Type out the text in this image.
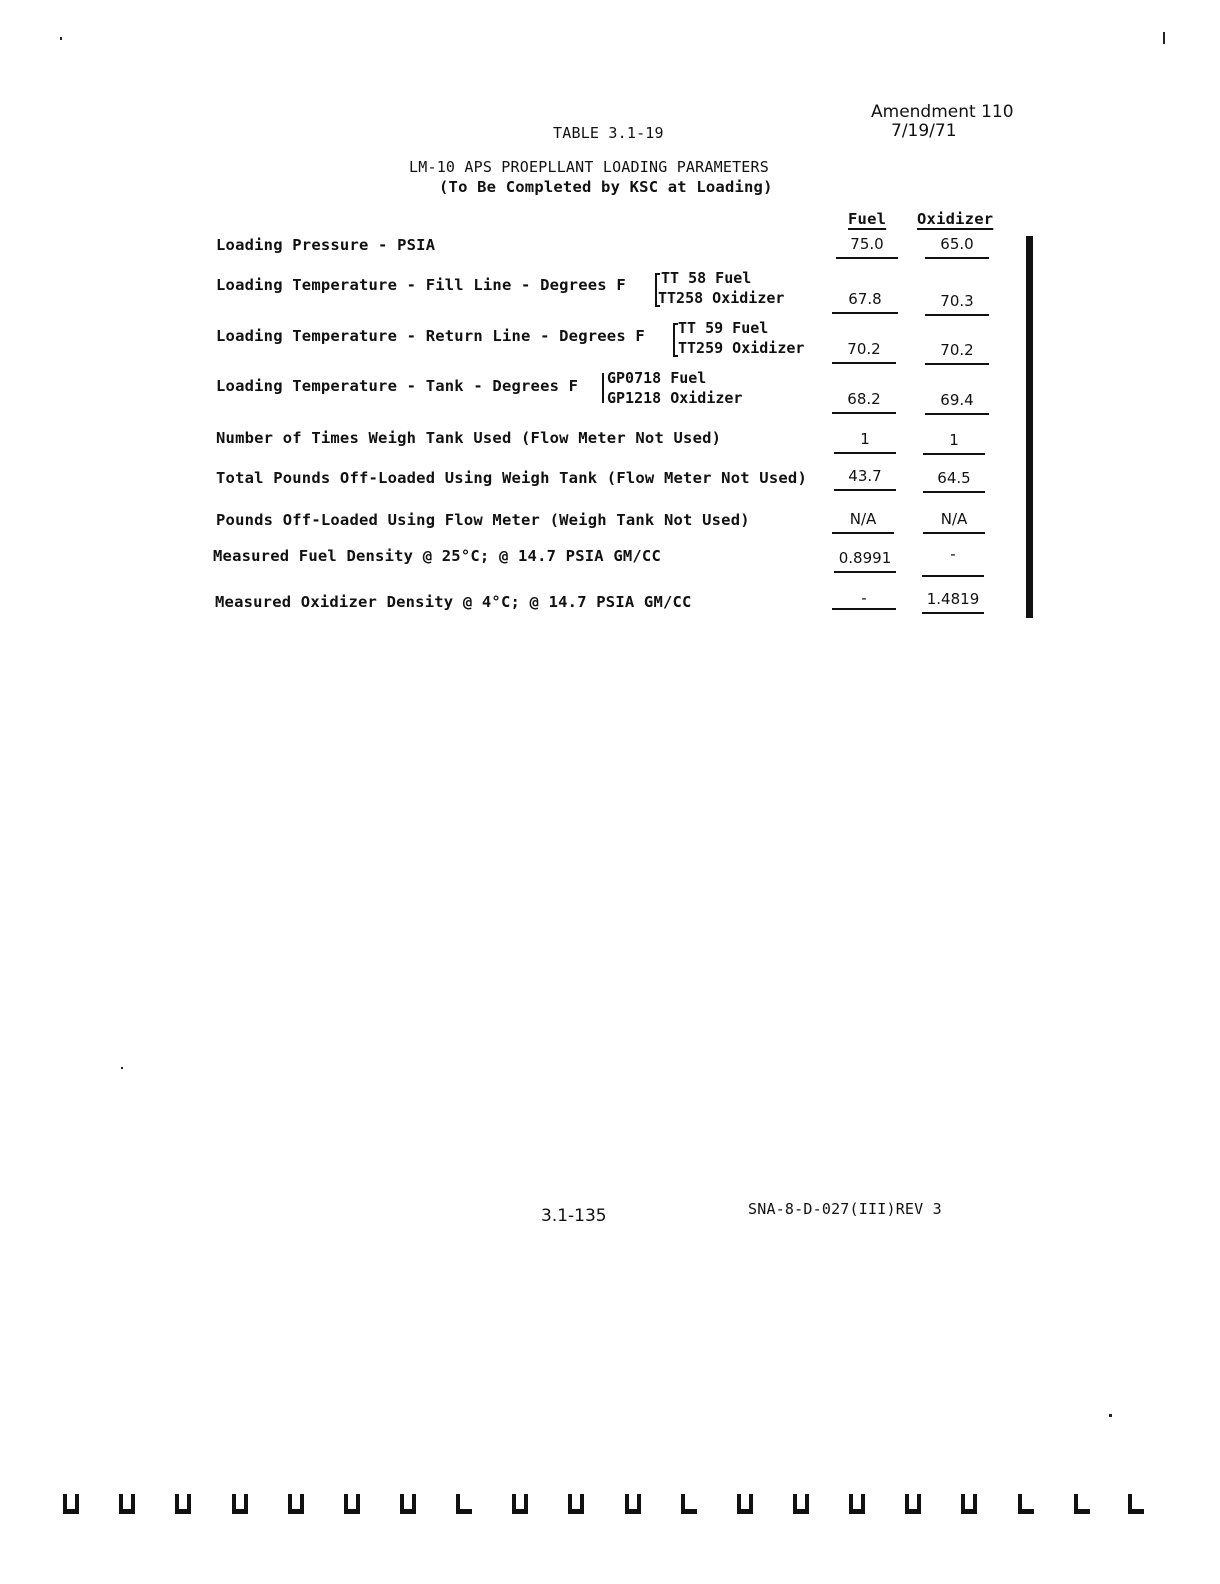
Amendment 110
7/19/71
TABLE 3.1-19
LM-10 APS PROEPLLANT LOADING PARAMETERS
(To Be Completed by KSC at Loading)
Fuel Oxidizer
Loading Pressure - PSIA	75.0	65.0
Loading Temperature - Fill Line - Degrees F TT 58 Fuel
TT258 Oxidizer	67.8	70.3
Loading Temperature - Return Line - Degrees F TT 59 Fuel
TT259 Oxidizer	70.2	70.2
Loading Temperature - Tank - Degrees F GP0718 Fuel
GP1218 Oxidizer	68.2	69.4
Number of Times Weigh Tank Used (Flow Meter Not Used)	1	1
Total Pounds Off-Loaded Using Weigh Tank (Flow Meter Not Used)	43.7	64.5
Pounds Off-Loaded Using Flow Meter (Weigh Tank Not Used)	N/A	N/A
Measured Fuel Density @ 25°C; @ 14.7 PSIA GM/CC	0.8991	-
Measured Oxidizer Density @ 4°C; @ 14.7 PSIA GM/CC	-	1.4819
3.1-135	SNA-8-D-027(III)REV 3
